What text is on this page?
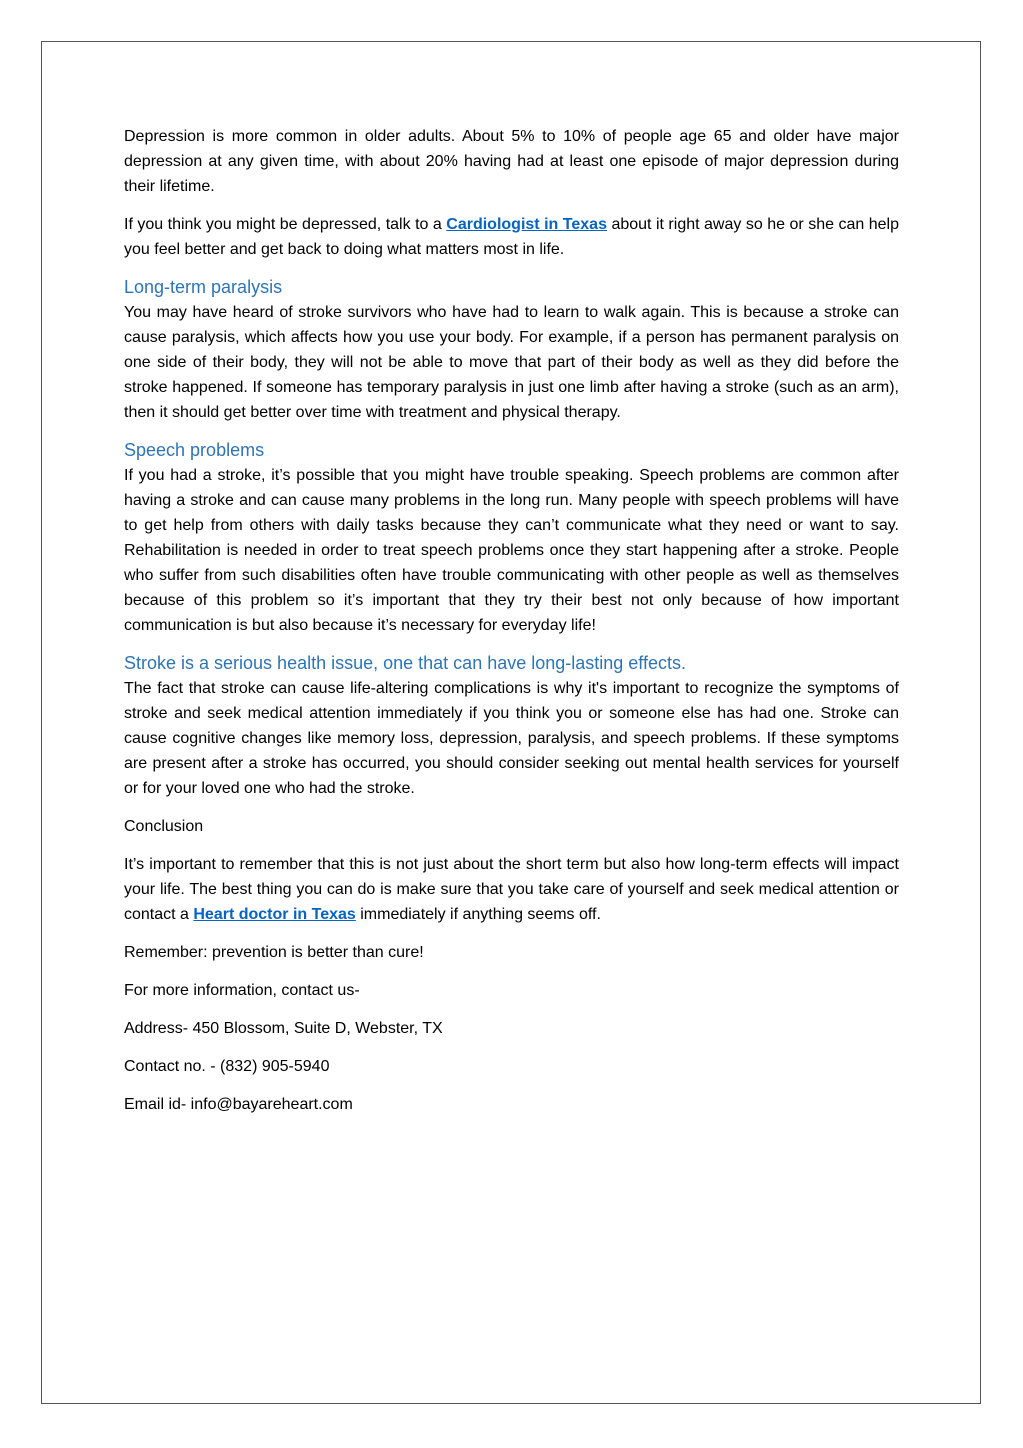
Depression is more common in older adults. About 5% to 10% of people age 65 and older have major depression at any given time, with about 20% having had at least one episode of major depression during their lifetime.

If you think you might be depressed, talk to a Cardiologist in Texas about it right away so he or she can help you feel better and get back to doing what matters most in life.

Long-term paralysis

You may have heard of stroke survivors who have had to learn to walk again. This is because a stroke can cause paralysis, which affects how you use your body. For example, if a person has permanent paralysis on one side of their body, they will not be able to move that part of their body as well as they did before the stroke happened. If someone has temporary paralysis in just one limb after having a stroke (such as an arm), then it should get better over time with treatment and physical therapy.

Speech problems

If you had a stroke, it’s possible that you might have trouble speaking. Speech problems are common after having a stroke and can cause many problems in the long run. Many people with speech problems will have to get help from others with daily tasks because they can’t communicate what they need or want to say. Rehabilitation is needed in order to treat speech problems once they start happening after a stroke. People who suffer from such disabilities often have trouble communicating with other people as well as themselves because of this problem so it’s important that they try their best not only because of how important communication is but also because it’s necessary for everyday life!

Stroke is a serious health issue, one that can have long-lasting effects.

The fact that stroke can cause life-altering complications is why it's important to recognize the symptoms of stroke and seek medical attention immediately if you think you or someone else has had one. Stroke can cause cognitive changes like memory loss, depression, paralysis, and speech problems. If these symptoms are present after a stroke has occurred, you should consider seeking out mental health services for yourself or for your loved one who had the stroke.

Conclusion

It’s important to remember that this is not just about the short term but also how long-term effects will impact your life. The best thing you can do is make sure that you take care of yourself and seek medical attention or contact a Heart doctor in Texas immediately if anything seems off.

Remember: prevention is better than cure!

For more information, contact us-

Address- 450 Blossom, Suite D, Webster, TX

Contact no. - (832) 905-5940

Email id- info@bayareheart.com
